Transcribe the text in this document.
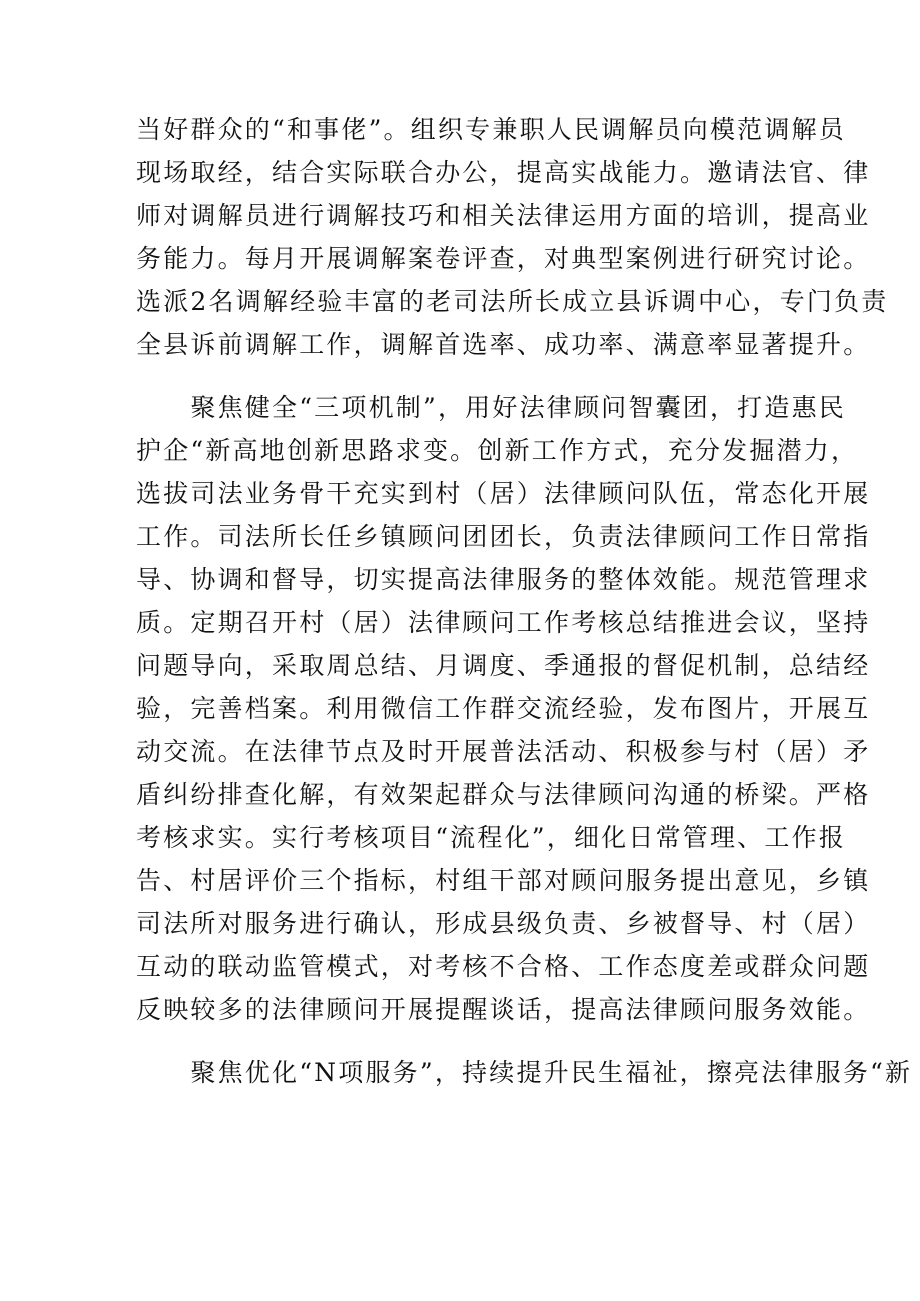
当好群众的“和事佬”。组织专兼职人民调解员向模范调解员
现场取经，结合实际联合办公，提高实战能力。邀请法官、律
师对调解员进行调解技巧和相关法律运用方面的培训，提高业
务能力。每月开展调解案卷评查，对典型案例进行研究讨论。
选派2名调解经验丰富的老司法所长成立县诉调中心，专门负责
全县诉前调解工作，调解首选率、成功率、满意率显著提升。
　　聚焦健全“三项机制”，用好法律顾问智囊团，打造惠民
护企“新高地创新思路求变。创新工作方式，充分发掘潜力，
选拔司法业务骨干充实到村（居）法律顾问队伍，常态化开展
工作。司法所长任乡镇顾问团团长，负责法律顾问工作日常指
导、协调和督导，切实提高法律服务的整体效能。规范管理求
质。定期召开村（居）法律顾问工作考核总结推进会议，坚持
问题导向，采取周总结、月调度、季通报的督促机制，总结经
验，完善档案。利用微信工作群交流经验，发布图片，开展互
动交流。在法律节点及时开展普法活动、积极参与村（居）矛
盾纠纷排查化解，有效架起群众与法律顾问沟通的桥梁。严格
考核求实。实行考核项目“流程化”，细化日常管理、工作报
告、村居评价三个指标，村组干部对顾问服务提出意见，乡镇
司法所对服务进行确认，形成县级负责、乡被督导、村（居）
互动的联动监管模式，对考核不合格、工作态度差或群众问题
反映较多的法律顾问开展提醒谈话，提高法律顾问服务效能。
　　聚焦优化“N项服务”，持续提升民生福祉，擦亮法律服务“新
